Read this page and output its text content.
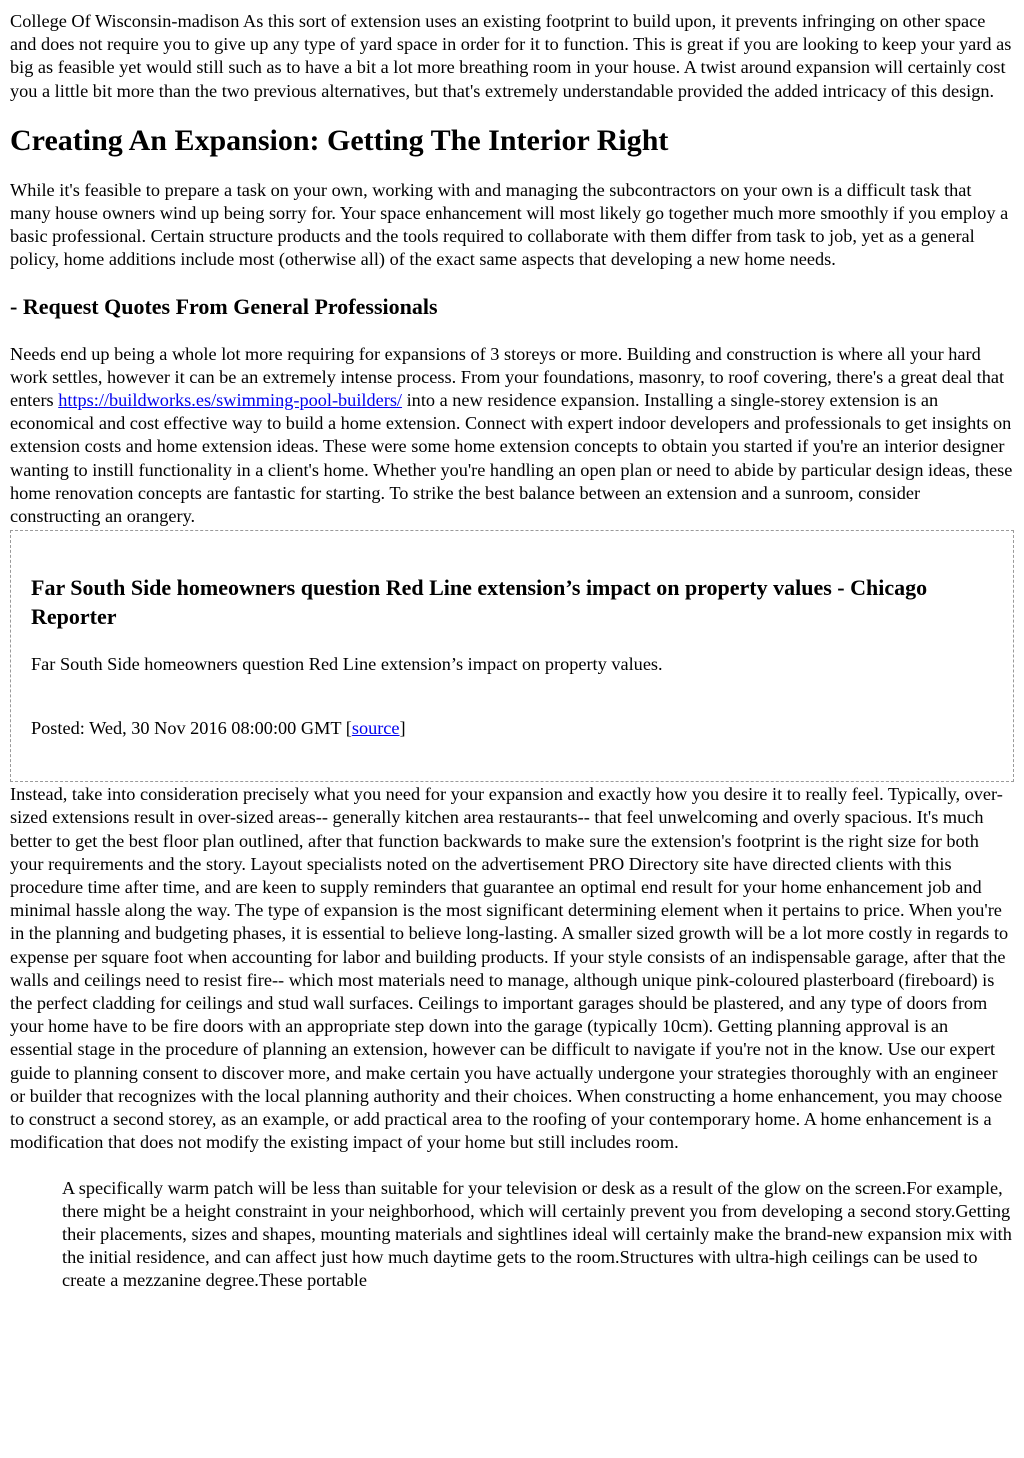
College Of Wisconsin-madison As this sort of extension uses an existing footprint to build upon, it prevents infringing on other space and does not require you to give up any type of yard space in order for it to function. This is great if you are looking to keep your yard as big as feasible yet would still such as to have a bit a lot more breathing room in your house. A twist around expansion will certainly cost you a little bit more than the two previous alternatives, but that's extremely understandable provided the added intricacy of this design.

Creating An Expansion: Getting The Interior Right

While it's feasible to prepare a task on your own, working with and managing the subcontractors on your own is a difficult task that many house owners wind up being sorry for. Your space enhancement will most likely go together much more smoothly if you employ a basic professional. Certain structure products and the tools required to collaborate with them differ from task to job, yet as a general policy, home additions include most (otherwise all) of the exact same aspects that developing a new home needs.

- Request Quotes From General Professionals

Needs end up being a whole lot more requiring for expansions of 3 storeys or more. Building and construction is where all your hard work settles, however it can be an extremely intense process. From your foundations, masonry, to roof covering, there's a great deal that enters https://buildworks.es/swimming-pool-builders/ into a new residence expansion. Installing a single-storey extension is an economical and cost effective way to build a home extension. Connect with expert indoor developers and professionals to get insights on extension costs and home extension ideas. These were some home extension concepts to obtain you started if you're an interior designer wanting to instill functionality in a client's home. Whether you're handling an open plan or need to abide by particular design ideas, these home renovation concepts are fantastic for starting. To strike the best balance between an extension and a sunroom, consider constructing an orangery.

Far South Side homeowners question Red Line extension’s impact on property values - Chicago Reporter

Far South Side homeowners question Red Line extension’s impact on property values.

Posted: Wed, 30 Nov 2016 08:00:00 GMT [source]

Instead, take into consideration precisely what you need for your expansion and exactly how you desire it to really feel. Typically, over-sized extensions result in over-sized areas-- generally kitchen area restaurants-- that feel unwelcoming and overly spacious. It's much better to get the best floor plan outlined, after that function backwards to make sure the extension's footprint is the right size for both your requirements and the story. Layout specialists noted on the advertisement PRO Directory site have directed clients with this procedure time after time, and are keen to supply reminders that guarantee an optimal end result for your home enhancement job and minimal hassle along the way. The type of expansion is the most significant determining element when it pertains to price. When you're in the planning and budgeting phases, it is essential to believe long-lasting. A smaller sized growth will be a lot more costly in regards to expense per square foot when accounting for labor and building products. If your style consists of an indispensable garage, after that the walls and ceilings need to resist fire-- which most materials need to manage, although unique pink-coloured plasterboard (fireboard) is the perfect cladding for ceilings and stud wall surfaces. Ceilings to important garages should be plastered, and any type of doors from your home have to be fire doors with an appropriate step down into the garage (typically 10cm). Getting planning approval is an essential stage in the procedure of planning an extension, however can be difficult to navigate if you're not in the know. Use our expert guide to planning consent to discover more, and make certain you have actually undergone your strategies thoroughly with an engineer or builder that recognizes with the local planning authority and their choices. When constructing a home enhancement, you may choose to construct a second storey, as an example, or add practical area to the roofing of your contemporary home. A home enhancement is a modification that does not modify the existing impact of your home but still includes room.

A specifically warm patch will be less than suitable for your television or desk as a result of the glow on the screen.For example, there might be a height constraint in your neighborhood, which will certainly prevent you from developing a second story.Getting their placements, sizes and shapes, mounting materials and sightlines ideal will certainly make the brand-new expansion mix with the initial residence, and can affect just how much daytime gets to the room.Structures with ultra-high ceilings can be used to create a mezzanine degree.These portable
